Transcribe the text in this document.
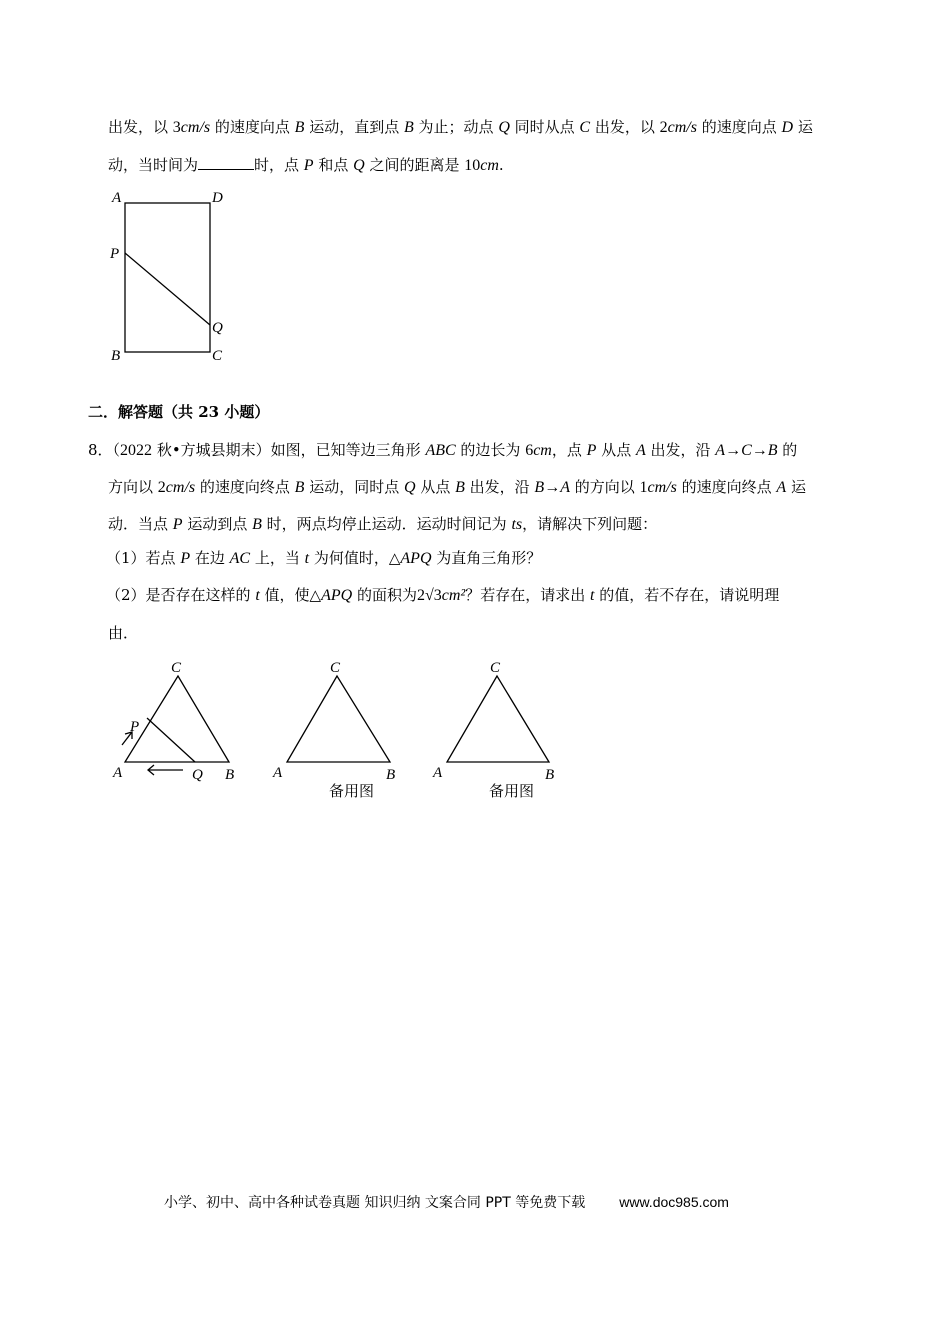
出发，以 3cm/s 的速度向点 B 运动，直到点 B 为止；动点 Q 同时从点 C 出发，以 2cm/s 的速度向点 D 运
动，当时间为	时，点 P 和点 Q 之间的距离是 10cm.
二．解答题（共 23 小题）
8．（2022 秋•方城县期末）如图，已知等边三角形 ABC 的边长为 6cm，点 P 从点 A 出发，沿 A→C→B 的
方向以 2cm/s 的速度向终点 B 运动，同时点 Q 从点 B 出发，沿 B→A 的方向以 1cm/s 的速度向终点 A 运
动．当点 P 运动到点 B 时，两点均停止运动．运动时间记为 ts，请解决下列问题：
（1）若点 P 在边 AC 上，当 t 为何值时，△APQ 为直角三角形？
（2）是否存在这样的 t 值，使△APQ 的面积为2√3cm²？若存在，请求出 t 的值，若不存在，请说明理
由．
A	D
P
Q
B	C
C
P
A	Q B
C
A	B
备用图
C
A	B
备用图
小学、初中、高中各种试卷真题 知识归纳 文案合同 PPT 等免费下载 www.doc985.com
